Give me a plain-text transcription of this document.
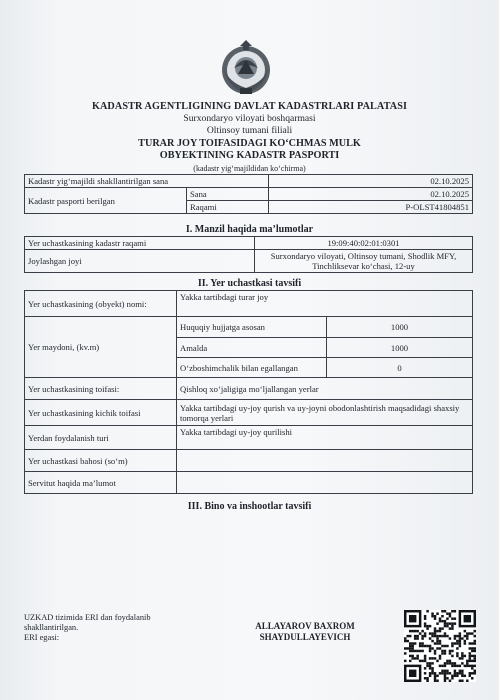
KADASTR AGENTLIGINING DAVLAT KADASTRLARI PALATASI
Surxondaryo viloyati boshqarmasi
Oltinsoy tumani filiali
TURAR JOY TOIFASIDAGI KO‘CHMAS MULK
OBYEKTINING KADASTR PASPORTI
(kadastr yig‘majildidan ko‘chirma)
Kadastr yig‘majildi shakllantirilgan sana		02.10.2025
Kadastr pasporti berilgan	Sana	02.10.2025
	Raqami	P-OLST41804851
I. Manzil haqida ma’lumotlar
Yer uchastkasining kadastr raqami	19:09:40:02:01:0301
Joylashgan joyi	Surxondaryo viloyati, Oltinsoy tumani, Shodlik MFY, Tinchliksevar ko‘chasi, 12-uy
II. Yer uchastkasi tavsifi
Yer uchastkasining (obyekt) nomi:	Yakka tartibdagi turar joy	
Yer maydoni, (kv.m)	Huquqiy hujjatga asosan	1000
	Amalda	1000
	O‘zboshimchalik bilan egallangan	0
Yer uchastkasining toifasi:	Qishloq xo‘jaligiga mo‘ljallangan yerlar	
Yer uchastkasining kichik toifasi	Yakka tartibdagi uy-joy qurish va uy-joyni obodonlashtirish maqsadidagi shaxsiy tomorqa yerlari	
Yerdan foydalanish turi	Yakka tartibdagi uy-joy qurilishi	
Yer uchastkasi bahosi (so‘m)		
Servitut haqida ma’lumot		
III. Bino va inshootlar tavsifi
UZKAD tizimida ERI dan foydalanib
shakllantirilgan.
ERI egasi:
ALLAYAROV BAXROM
SHAYDULLAYEVICH
